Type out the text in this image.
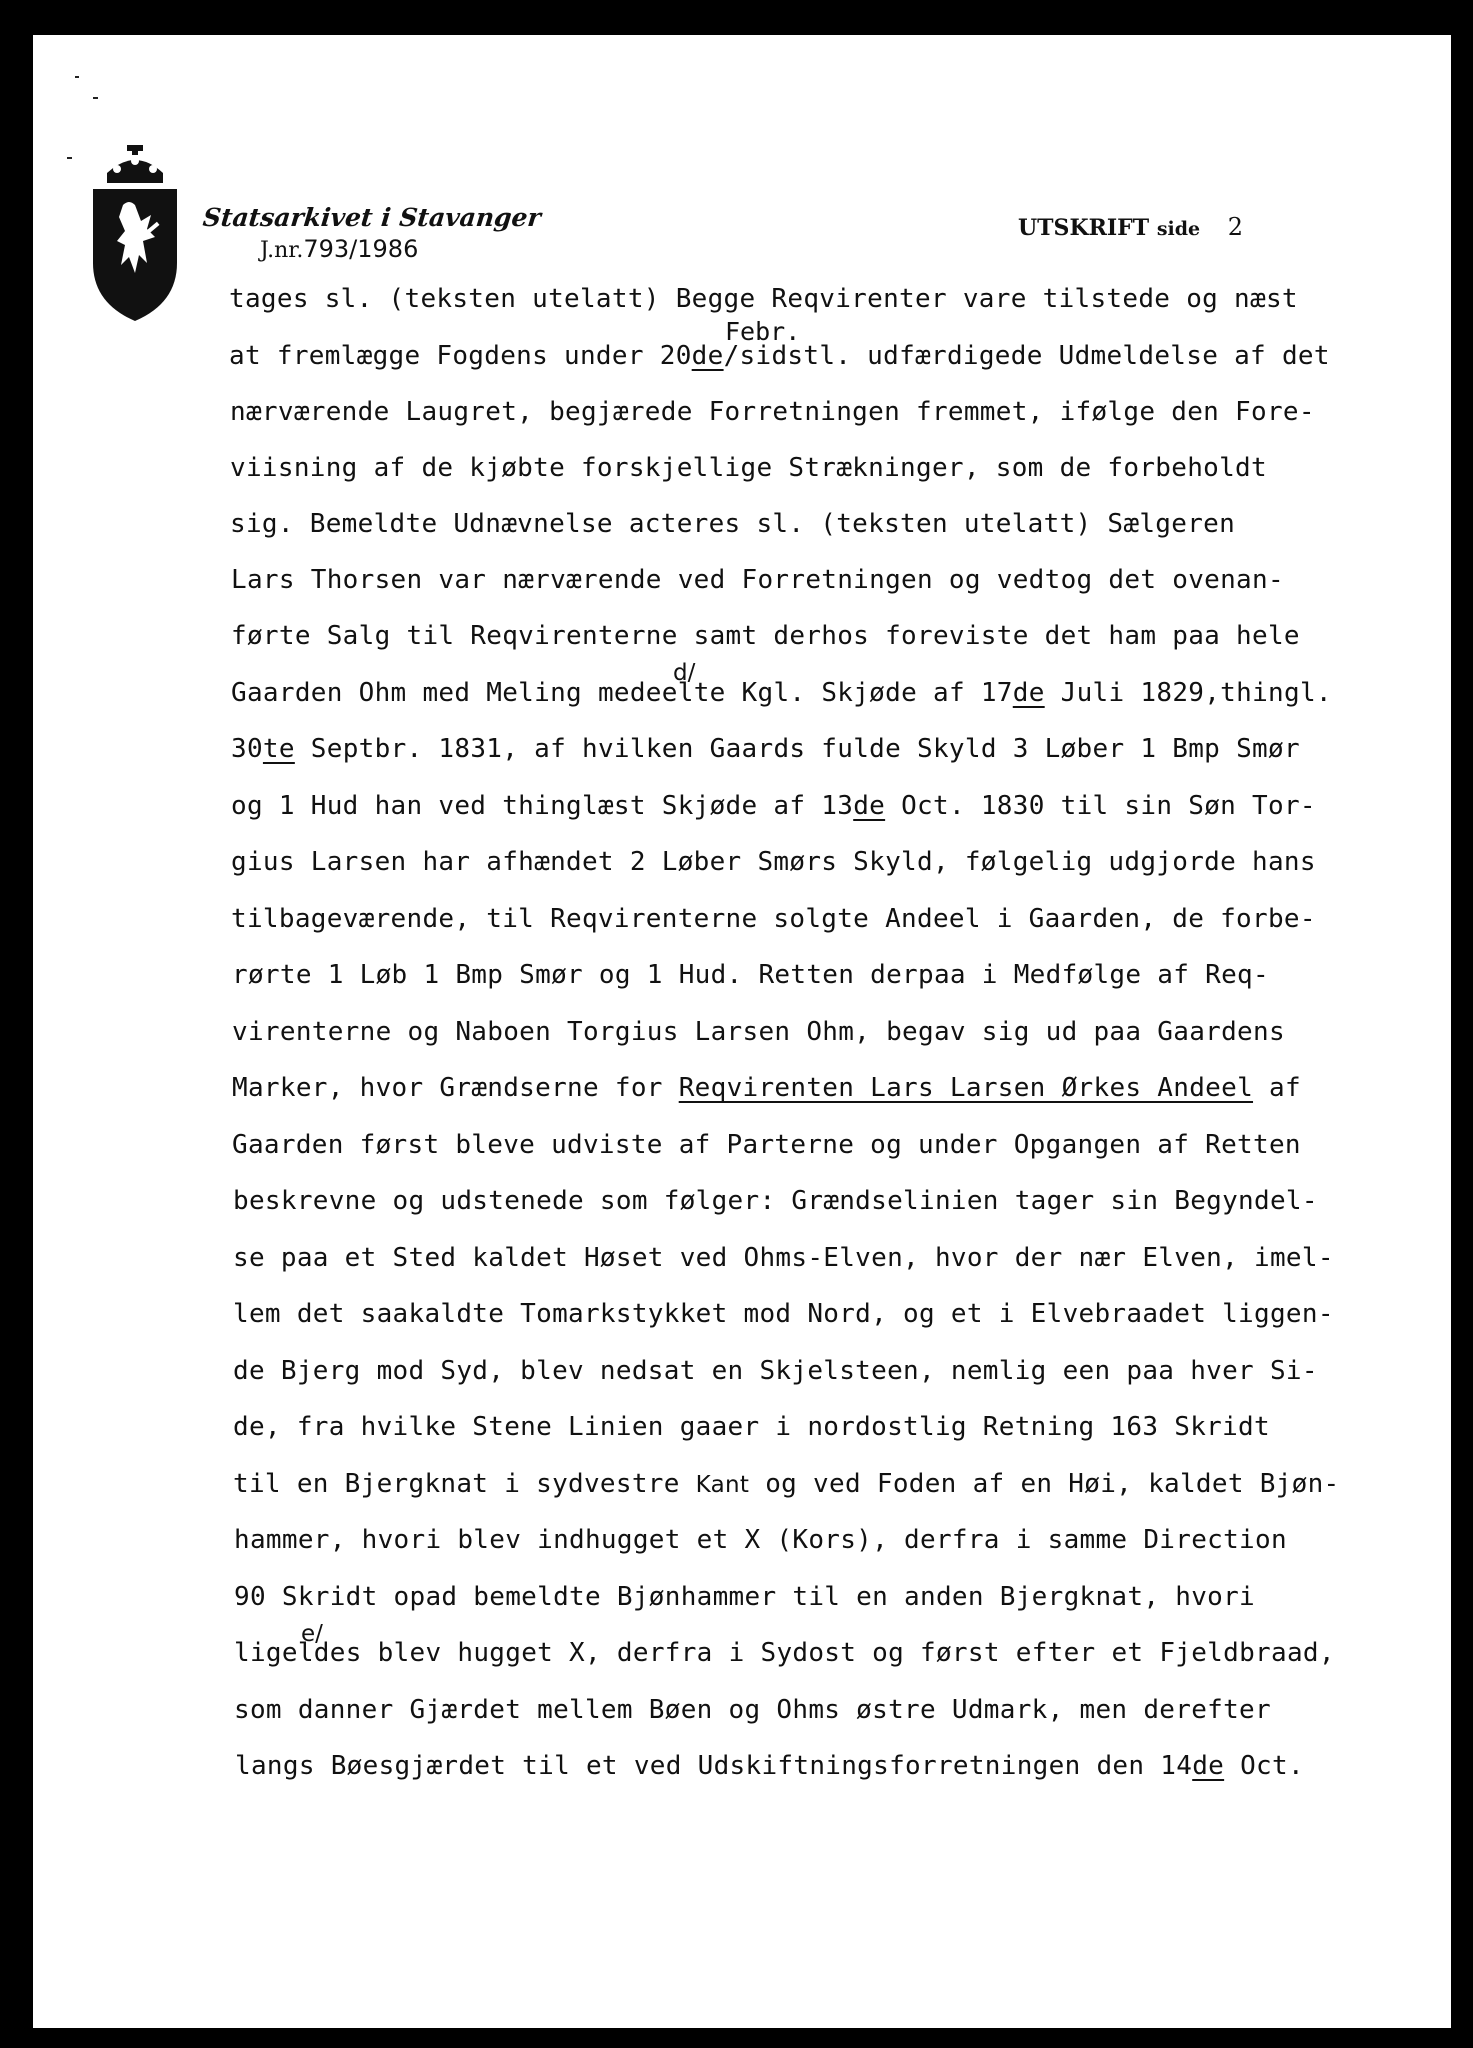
Statsarkivet i Stavanger
J.nr.793/1986
UTSKRIFT side 2
tages sl. (teksten utelatt) Begge Reqvirenter vare tilstede og næst
Febr.
at fremlægge Fogdens under 20de/sidstl. udfærdigede Udmeldelse af det
nærværende Laugret, begjærede Forretningen fremmet, ifølge den Fore-
viisning af de kjøbte forskjellige Strækninger, som de forbeholdt
sig. Bemeldte Udnævnelse acteres sl. (teksten utelatt) Sælgeren
Lars Thorsen var nærværende ved Forretningen og vedtog det ovenan-
førte Salg til Reqvirenterne samt derhos foreviste det ham paa hele
d/
Gaarden Ohm med Meling medeelte Kgl. Skjøde af 17de Juli 1829,thingl.
30te Septbr. 1831, af hvilken Gaards fulde Skyld 3 Løber 1 Bmp Smør
og 1 Hud han ved thinglæst Skjøde af 13de Oct. 1830 til sin Søn Tor-
gius Larsen har afhændet 2 Løber Smørs Skyld, følgelig udgjorde hans
tilbageværende, til Reqvirenterne solgte Andeel i Gaarden, de forbe-
rørte 1 Løb 1 Bmp Smør og 1 Hud. Retten derpaa i Medfølge af Req-
virenterne og Naboen Torgius Larsen Ohm, begav sig ud paa Gaardens
Marker, hvor Grændserne for Reqvirenten Lars Larsen Ørkes Andeel af
Gaarden først bleve udviste af Parterne og under Opgangen af Retten
beskrevne og udstenede som følger: Grændselinien tager sin Begyndel-
se paa et Sted kaldet Høset ved Ohms-Elven, hvor der nær Elven, imel-
lem det saakaldte Tomarkstykket mod Nord, og et i Elvebraadet liggen-
de Bjerg mod Syd, blev nedsat en Skjelsteen, nemlig een paa hver Si-
de, fra hvilke Stene Linien gaaer i nordostlig Retning 163 Skridt
til en Bjergknat i sydvestre Kant og ved Foden af en Høi, kaldet Bjøn-
hammer, hvori blev indhugget et X (Kors), derfra i samme Direction
90 Skridt opad bemeldte Bjønhammer til en anden Bjergknat, hvori
e/
ligeldes blev hugget X, derfra i Sydost og først efter et Fjeldbraad,
som danner Gjærdet mellem Bøen og Ohms østre Udmark, men derefter
langs Bøesgjærdet til et ved Udskiftningsforretningen den 14de Oct.
